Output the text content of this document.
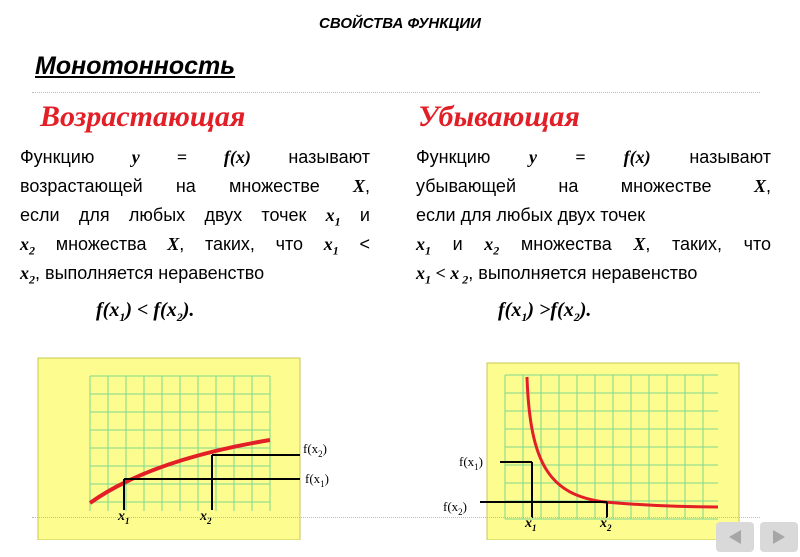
СВОЙСТВА ФУНКЦИИ
Монотонность
Возрастающая
Функцию y = f(x) называют
возрастающей на множестве X,
если для любых двух точек $x_1$ и
$x_2$ множества X, таких, что $x_1$ <
$x_2$, выполняется неравенство
$f(x_1) < f(x_2)$.
Убывающая
Функцию y = f(x) называют
убывающей на множестве X,
если для любых двух точек
$x_1$ и $x_2$ множества X, таких, что
$x_1 < x$ $_2$, выполняется неравенство
$f(x_1) >f(x_2)$.
$f(x_2)$
$f(x_1)$
$x_1$	$x_2$
$f(x_1)$
$f(x_2)$
$x_1$	$x_2$
